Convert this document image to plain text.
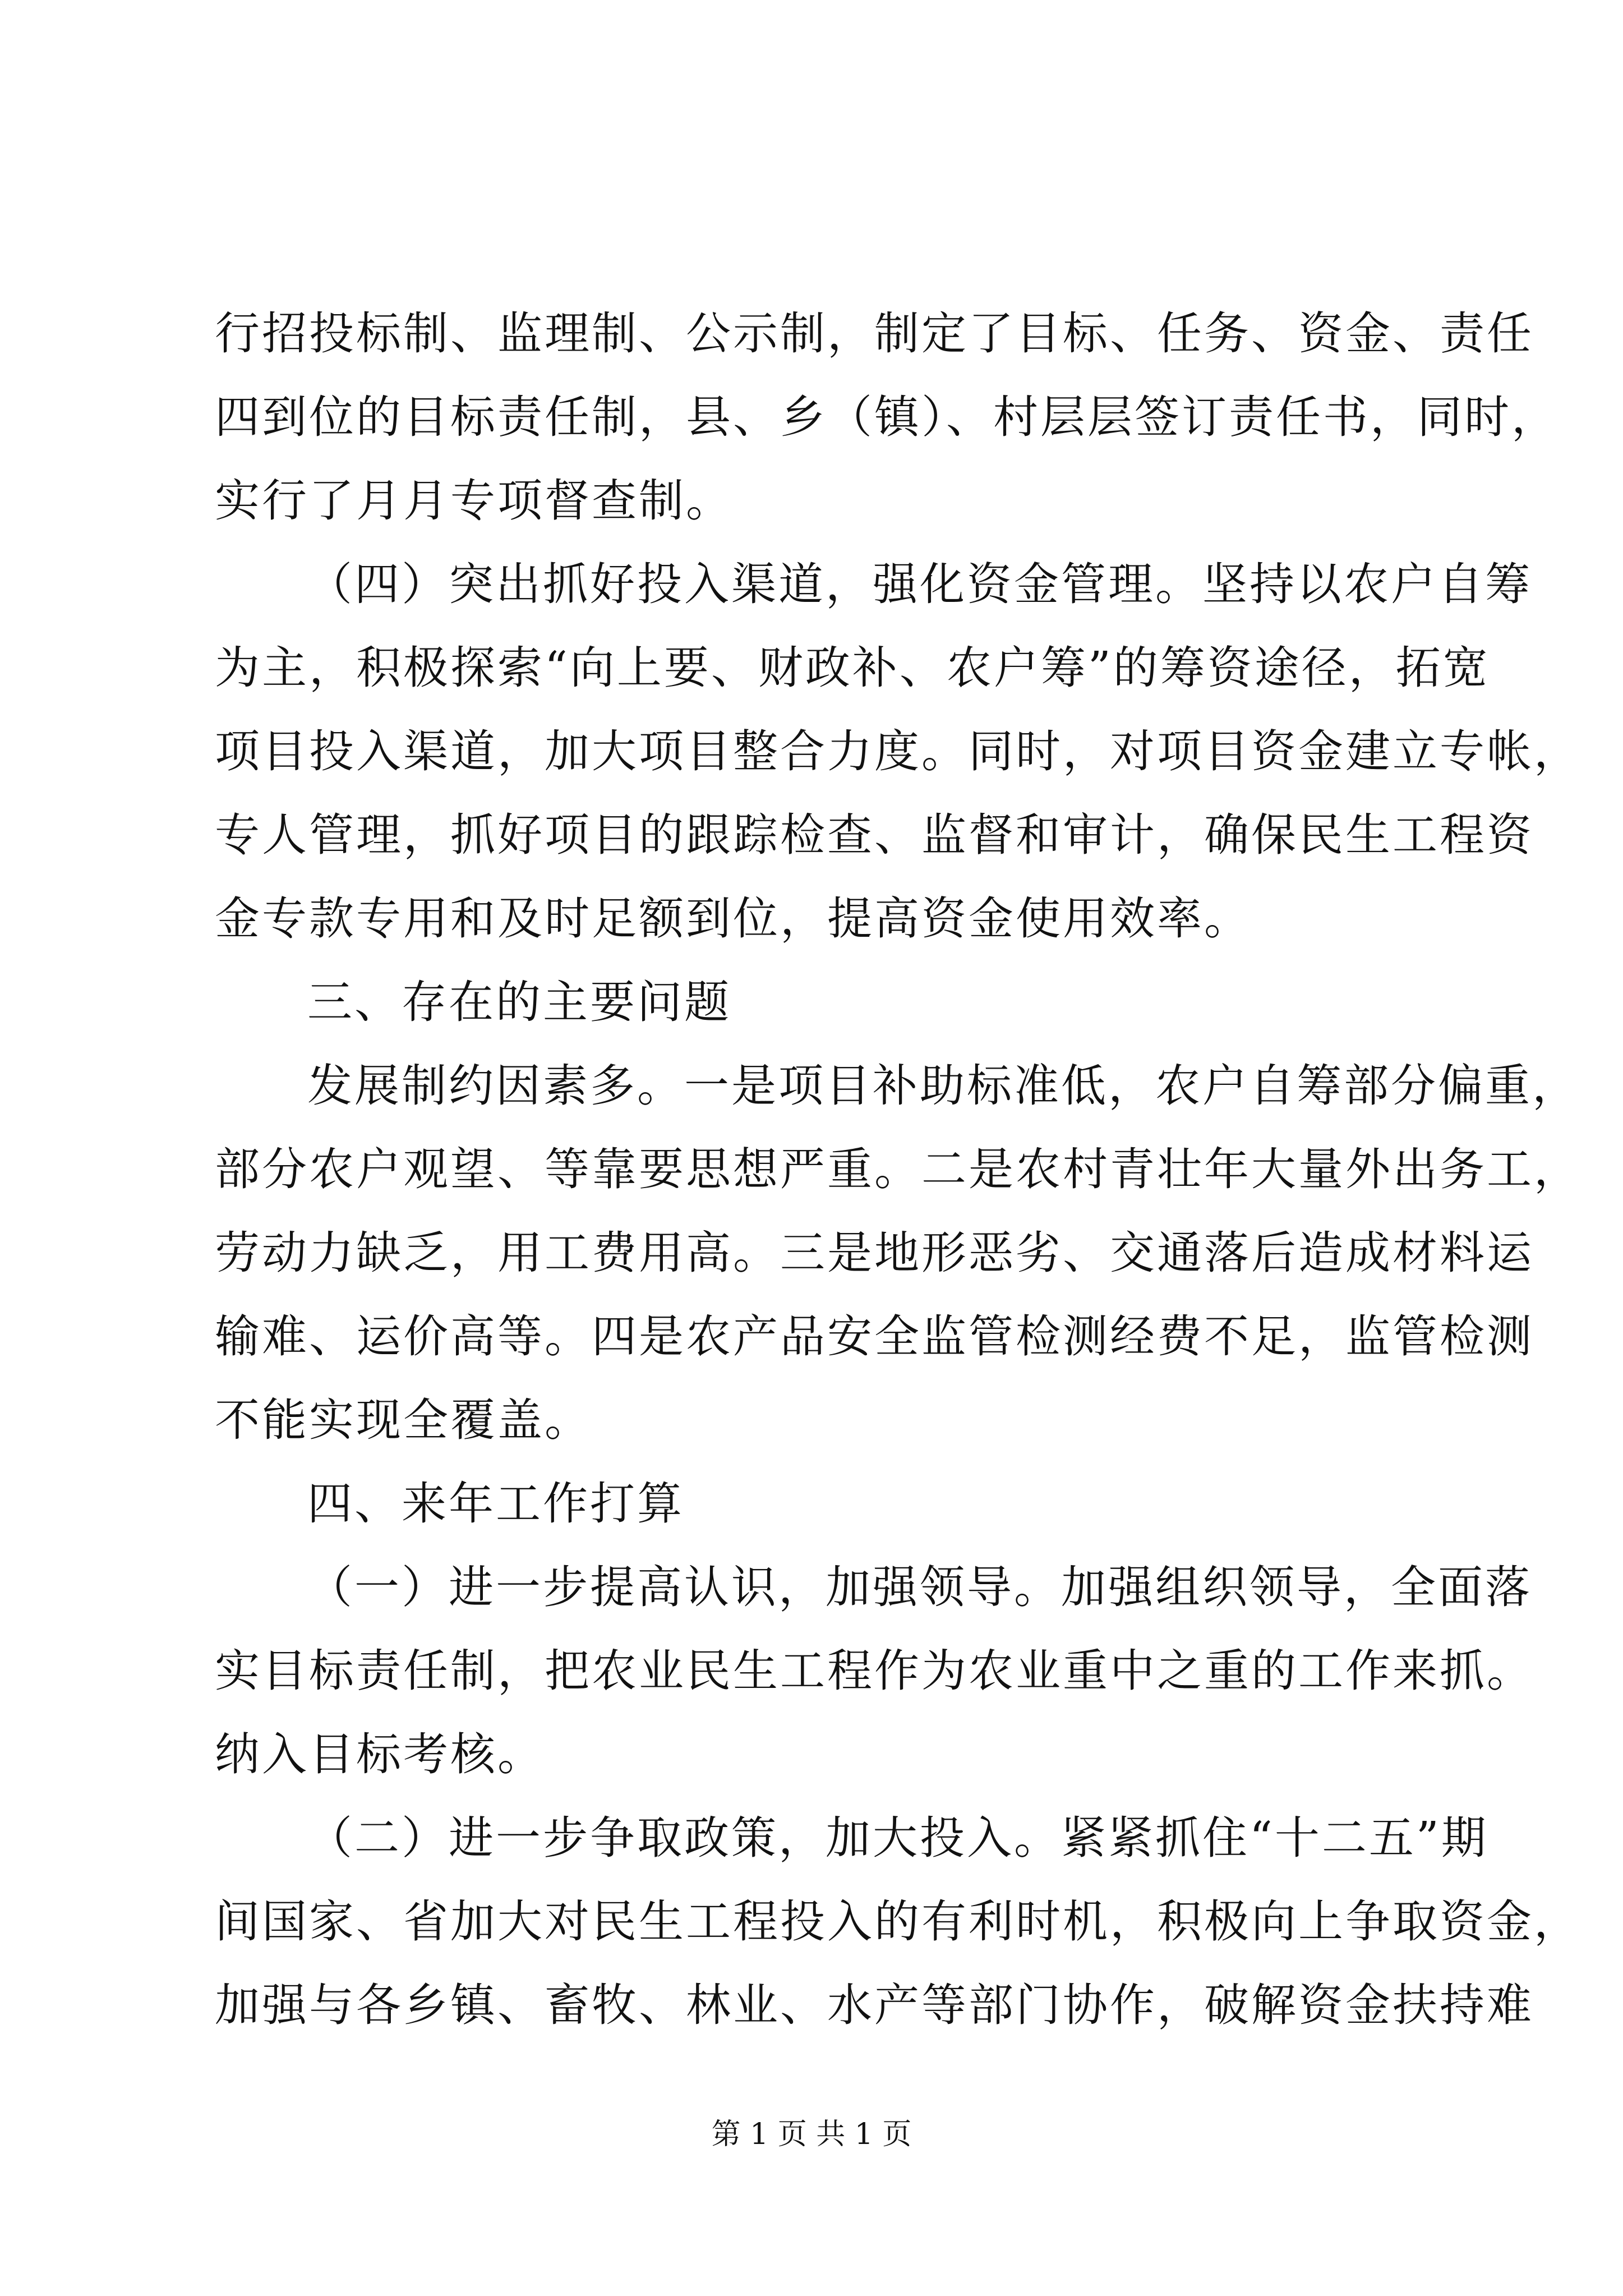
行招投标制、监理制、公示制，制定了目标、任务、资金、责任
四到位的目标责任制，县、乡（镇）、村层层签订责任书，同时，
实行了月月专项督查制。
（四）突出抓好投入渠道，强化资金管理。坚持以农户自筹
为主，积极探索“向上要、财政补、农户筹”的筹资途径，拓宽
项目投入渠道，加大项目整合力度。同时，对项目资金建立专帐，
专人管理，抓好项目的跟踪检查、监督和审计，确保民生工程资
金专款专用和及时足额到位，提高资金使用效率。
三、存在的主要问题
发展制约因素多。一是项目补助标准低，农户自筹部分偏重，
部分农户观望、等靠要思想严重。二是农村青壮年大量外出务工，
劳动力缺乏，用工费用高。三是地形恶劣、交通落后造成材料运
输难、运价高等。四是农产品安全监管检测经费不足，监管检测
不能实现全覆盖。
四、来年工作打算
（一）进一步提高认识，加强领导。加强组织领导，全面落
实目标责任制，把农业民生工程作为农业重中之重的工作来抓。
纳入目标考核。
（二）进一步争取政策，加大投入。紧紧抓住“十二五”期
间国家、省加大对民生工程投入的有利时机，积极向上争取资金，
加强与各乡镇、畜牧、林业、水产等部门协作，破解资金扶持难
第 1 页 共 1 页
